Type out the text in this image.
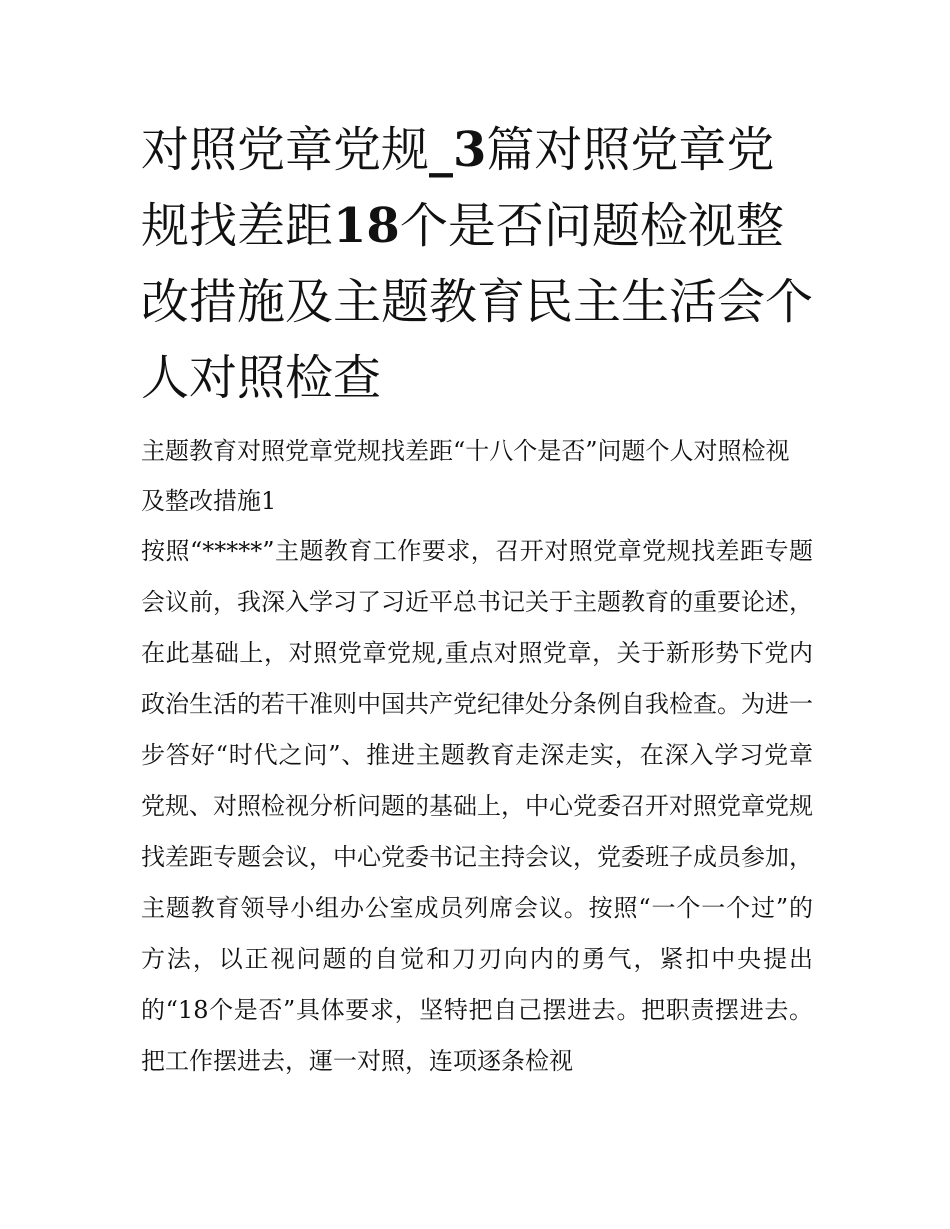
对照党章党规_3篇对照党章党规找差距18个是否问题检视整改措施及主题教育民主生活会个人对照检查

主题教育对照党章党规找差距“十八个是否”问题个人对照检视及整改措施1

按照“*****”主题教育工作要求，召开对照党章党规找差距专题会议前，我深入学习了习近平总书记关于主题教育的重要论述，在此基础上，对照党章党规,重点对照党章，关于新形势下党内政治生活的若干准则中国共产党纪律处分条例自我检查。为进一步答好“时代之问”、推进主题教育走深走实，在深入学习党章党规、对照检视分析问题的基础上，中心党委召开对照党章党规找差距专题会议，中心党委书记主持会议，党委班子成员参加，主题教育领导小组办公室成员列席会议。按照“一个一个过”的方法，以正视问题的自觉和刀刃向内的勇气，紧扣中央提出的“18个是否”具体要求，坚特把自己摆进去。把职责摆进去。把工作摆进去，運一对照，连项逐条检视
